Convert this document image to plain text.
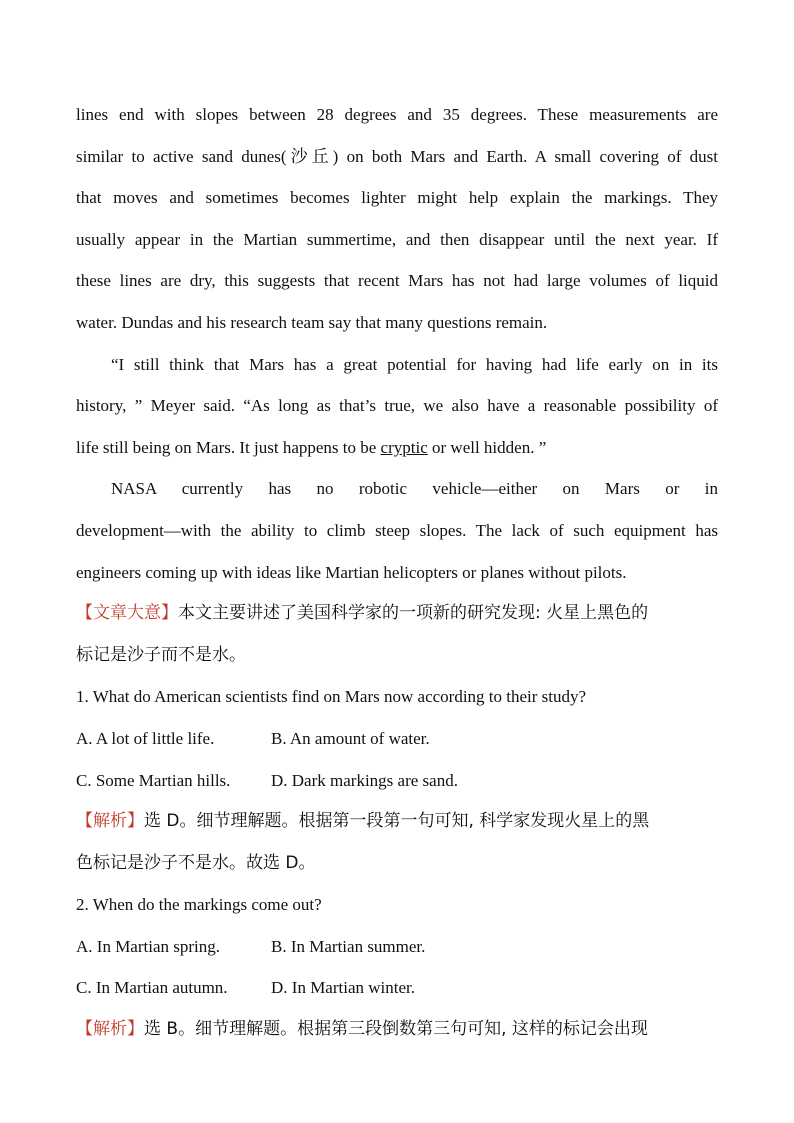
lines end with slopes between 28 degrees and 35 degrees. These measurements are
similar to active sand dunes(沙丘) on both Mars and Earth. A small covering of dust
that moves and sometimes becomes lighter might help explain the markings. They
usually appear in the Martian summertime, and then disappear until the next year. If
these lines are dry, this suggests that recent Mars has not had large volumes of liquid
water. Dundas and his research team say that many questions remain.
“I still think that Mars has a great potential for having had life early on in its
history, ” Meyer said. “As long as that’s true, we also have a reasonable possibility of
life still being on Mars. It just happens to be cryptic or well hidden. ”
NASA currently has no robotic vehicle—either on Mars or in
development—with the ability to climb steep slopes. The lack of such equipment has
engineers coming up with ideas like Martian helicopters or planes without pilots.
【文章大意】本文主要讲述了美国科学家的一项新的研究发现: 火星上黑色的
标记是沙子而不是水。
1. What do American scientists find on Mars now according to their study?
A. A lot of little life.	B. An amount of water.
C. Some Martian hills.	D. Dark markings are sand.
【解析】选 D。细节理解题。根据第一段第一句可知, 科学家发现火星上的黑
色标记是沙子不是水。故选 D。
2. When do the markings come out?
A. In Martian spring.	B. In Martian summer.
C. In Martian autumn.	D. In Martian winter.
【解析】选 B。细节理解题。根据第三段倒数第三句可知, 这样的标记会出现
